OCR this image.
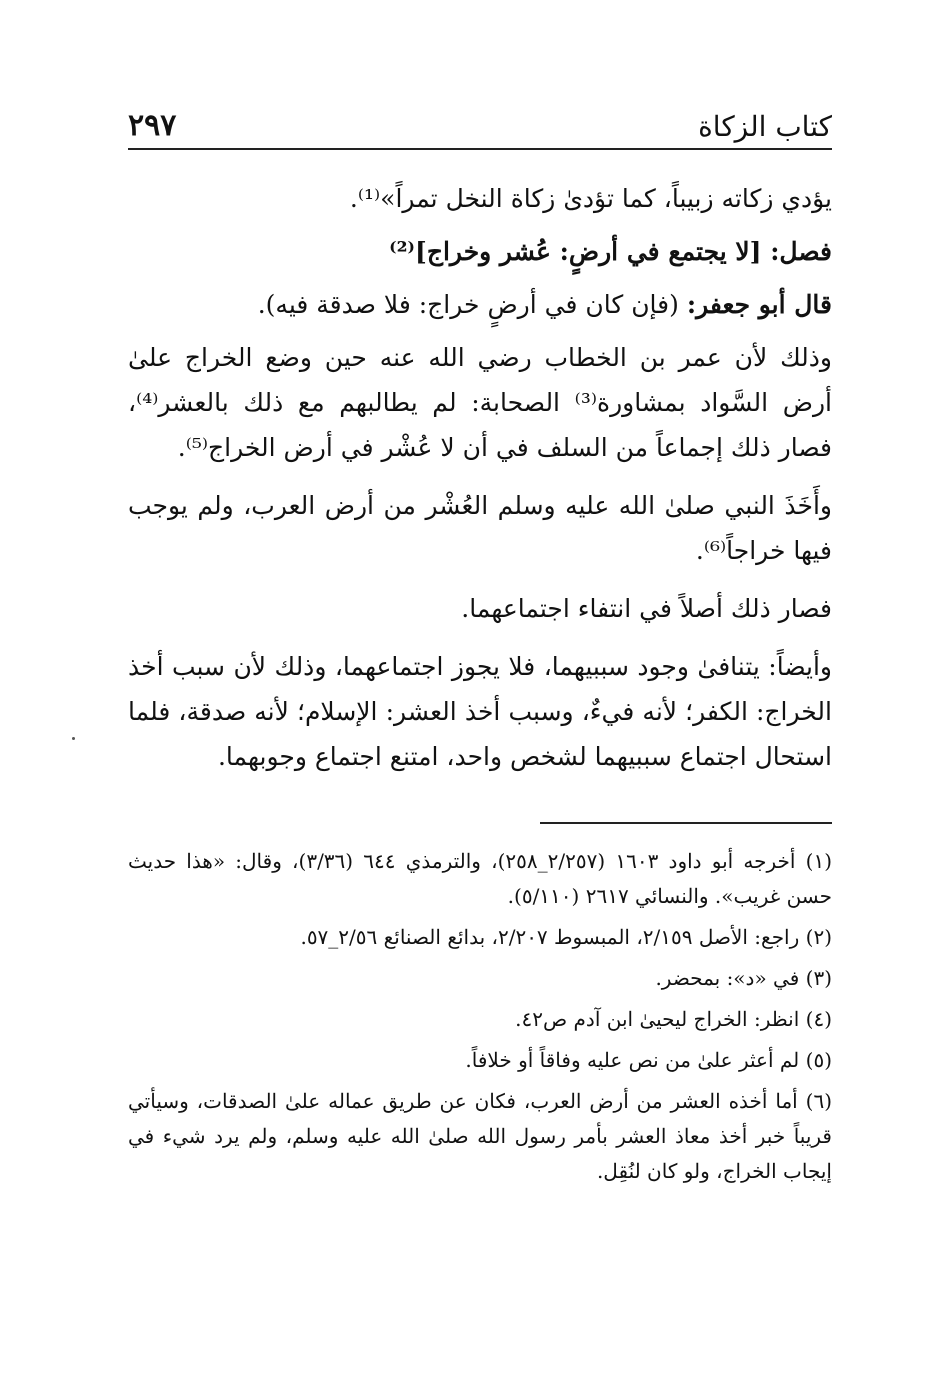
كتاب الزكاة
٢٩٧

يؤدي زكاته زبيباً، كما تؤدىٰ زكاة النخل تمراً»⁽¹⁾.

فصل: [لا يجتمع في أرضٍ: عُشر وخراج]⁽²⁾

قال أبو جعفر: (فإن كان في أرضٍ خراج: فلا صدقة فيه).

وذلك لأن عمر بن الخطاب رضي الله عنه حين وضع الخراج علىٰ أرض السَّواد بمشاورة⁽³⁾ الصحابة: لم يطالبهم مع ذلك بالعشر⁽⁴⁾، فصار ذلك إجماعاً من السلف في أن لا عُشْر في أرض الخراج⁽⁵⁾.

وأَخَذَ النبي صلىٰ الله عليه وسلم العُشْر من أرض العرب، ولم يوجب فيها خراجاً⁽⁶⁾.

فصار ذلك أصلاً في انتفاء اجتماعهما.

وأيضاً: يتنافىٰ وجود سببيهما، فلا يجوز اجتماعهما، وذلك لأن سبب أخذ الخراج: الكفر؛ لأنه فيءٌ، وسبب أخذ العشر: الإسلام؛ لأنه صدقة، فلما استحال اجتماع سببيهما لشخص واحد، امتنع اجتماع وجوبهما.

(١) أخرجه أبو داود ١٦٠٣ (٢/٢٥٧_٢٥٨)، والترمذي ٦٤٤ (٣/٣٦)، وقال: «هذا حديث حسن غريب». والنسائي ٢٦١٧ (٥/١١٠).

(٢) راجع: الأصل ٢/١٥٩، المبسوط ٢/٢٠٧، بدائع الصنائع ٢/٥٦_٥٧.

(٣) في «د»: بمحضر.

(٤) انظر: الخراج ليحيىٰ ابن آدم ص٤٢.

(٥) لم أعثر علىٰ من نص عليه وفاقاً أو خلافاً.

(٦) أما أخذه العشر من أرض العرب، فكان عن طريق عماله علىٰ الصدقات، وسيأتي قريباً خبر أخذ معاذ العشر بأمر رسول الله صلىٰ الله عليه وسلم، ولم يرد شيء في إيجاب الخراج، ولو كان لنُقِل.
